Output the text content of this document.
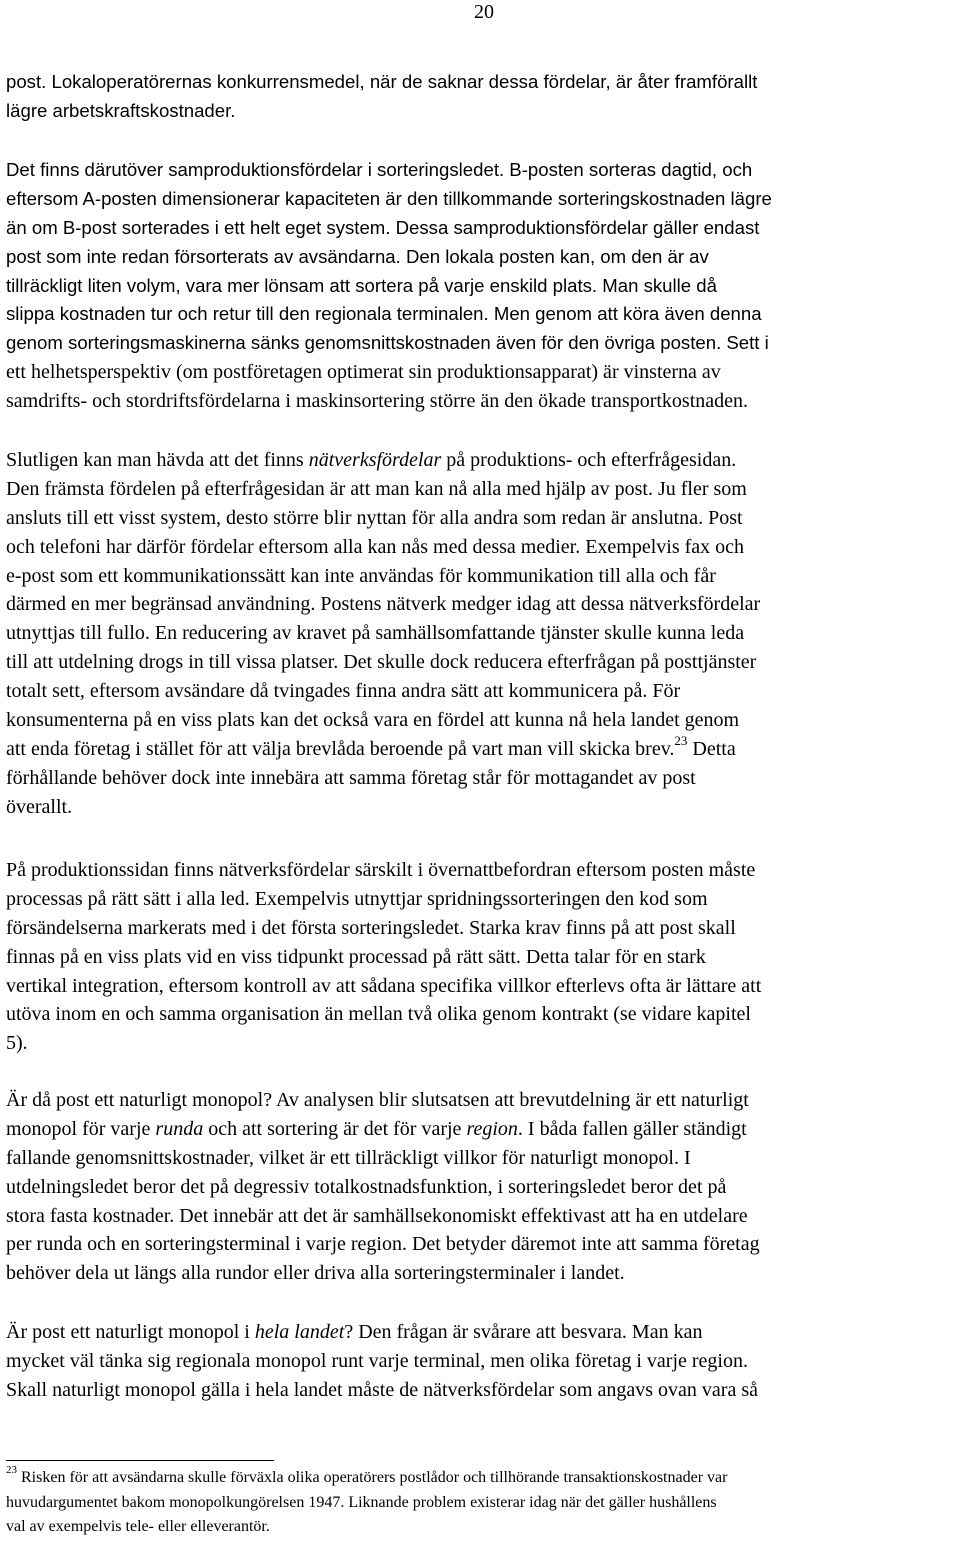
20
post. Lokaloperatörernas konkurrensmedel, när de saknar dessa fördelar, är åter framförallt
lägre arbetskraftskostnader.
Det finns därutöver samproduktionsfördelar i sorteringsledet. B-posten sorteras dagtid, och
eftersom A-posten dimensionerar kapaciteten är den tillkommande sorteringskostnaden lägre
än om B-post sorterades i ett helt eget system. Dessa samproduktionsfördelar gäller endast
post som inte redan försorterats av avsändarna. Den lokala posten kan, om den är av
tillräckligt liten volym, vara mer lönsam att sortera på varje enskild plats. Man skulle då
slippa kostnaden tur och retur till den regionala terminalen. Men genom att köra även denna
genom sorteringsmaskinerna sänks genomsnittskostnaden även för den övriga posten. Sett i
ett helhetsperspektiv (om postföretagen optimerat sin produktionsapparat) är vinsterna av
samdrifts- och stordriftsfördelarna i maskinsortering större än den ökade transportkostnaden.
Slutligen kan man hävda att det finns nätverksfördelar på produktions- och efterfrågesidan.
Den främsta fördelen på efterfrågesidan är att man kan nå alla med hjälp av post. Ju fler som
ansluts till ett visst system, desto större blir nyttan för alla andra som redan är anslutna. Post
och telefoni har därför fördelar eftersom alla kan nås med dessa medier. Exempelvis fax och
e-post som ett kommunikationssätt kan inte användas för kommunikation till alla och får
därmed en mer begränsad användning. Postens nätverk medger idag att dessa nätverksfördelar
utnyttjas till fullo. En reducering av kravet på samhällsomfattande tjänster skulle kunna leda
till att utdelning drogs in till vissa platser. Det skulle dock reducera efterfrågan på posttjänster
totalt sett, eftersom avsändare då tvingades finna andra sätt att kommunicera på. För
konsumenterna på en viss plats kan det också vara en fördel att kunna nå hela landet genom
att enda företag i stället för att välja brevlåda beroende på vart man vill skicka brev.$^{23}$ Detta
förhållande behöver dock inte innebära att samma företag står för mottagandet av post
överallt.
På produktionssidan finns nätverksfördelar särskilt i övernattbefordran eftersom posten måste
processas på rätt sätt i alla led. Exempelvis utnyttjar spridningssorteringen den kod som
försändelserna markerats med i det första sorteringsledet. Starka krav finns på att post skall
finnas på en viss plats vid en viss tidpunkt processad på rätt sätt. Detta talar för en stark
vertikal integration, eftersom kontroll av att sådana specifika villkor efterlevs ofta är lättare att
utöva inom en och samma organisation än mellan två olika genom kontrakt (se vidare kapitel
5).
Är då post ett naturligt monopol? Av analysen blir slutsatsen att brevutdelning är ett naturligt
monopol för varje runda och att sortering är det för varje region. I båda fallen gäller ständigt
fallande genomsnittskostnader, vilket är ett tillräckligt villkor för naturligt monopol. I
utdelningsledet beror det på degressiv totalkostnadsfunktion, i sorteringsledet beror det på
stora fasta kostnader. Det innebär att det är samhällsekonomiskt effektivast att ha en utdelare
per runda och en sorteringsterminal i varje region. Det betyder däremot inte att samma företag
behöver dela ut längs alla rundor eller driva alla sorteringsterminaler i landet.
Är post ett naturligt monopol i hela landet? Den frågan är svårare att besvara. Man kan
mycket väl tänka sig regionala monopol runt varje terminal, men olika företag i varje region.
Skall naturligt monopol gälla i hela landet måste de nätverksfördelar som angavs ovan vara så
$^{23}$ Risken för att avsändarna skulle förväxla olika operatörers postlådor och tillhörande transaktionskostnader var
huvudargumentet bakom monopolkungörelsen 1947. Liknande problem existerar idag när det gäller hushållens
val av exempelvis tele- eller elleverantör.
